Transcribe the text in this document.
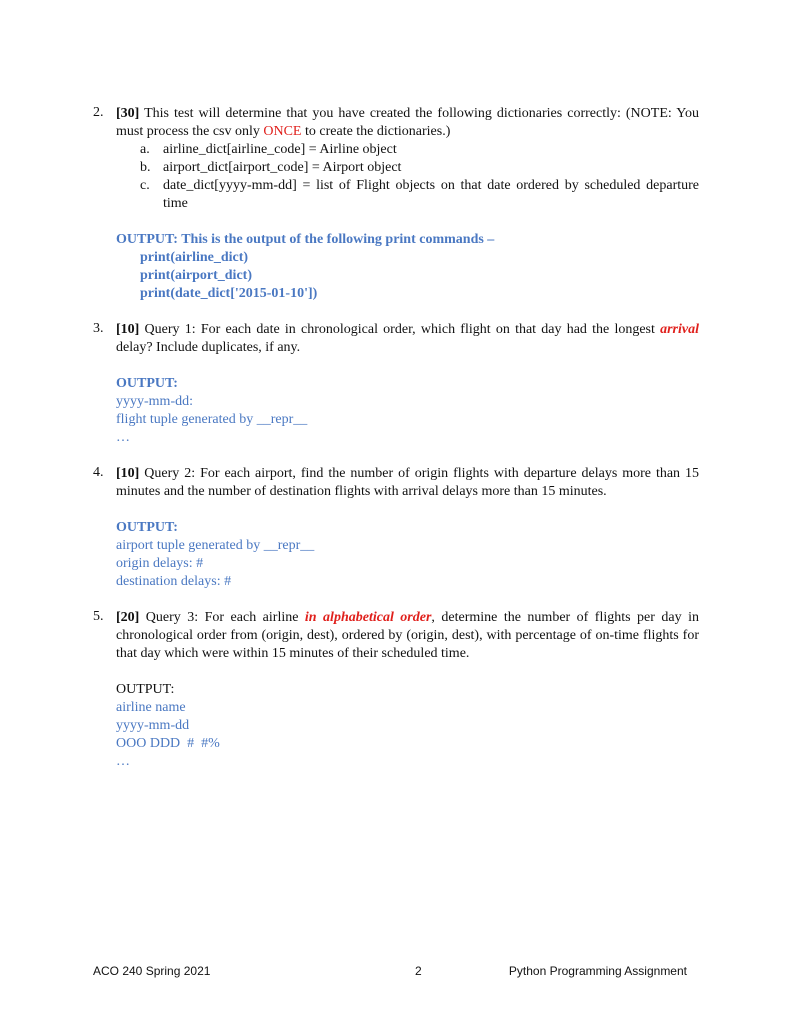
2. [30] This test will determine that you have created the following dictionaries correctly: (NOTE: You must process the csv only ONCE to create the dictionaries.)

a. airline_dict[airline_code] = Airline object
b. airport_dict[airport_code] = Airport object
c. date_dict[yyyy-mm-dd] = list of Flight objects on that date ordered by scheduled departure time

OUTPUT: This is the output of the following print commands –

print(airline_dict)

print(airport_dict)

print(date_dict['2015-01-10'])

3. [10] Query 1: For each date in chronological order, which flight on that day had the longest arrival delay? Include duplicates, if any.

OUTPUT:

yyyy-mm-dd:

flight tuple generated by __repr__

…

4. [10] Query 2: For each airport, find the number of origin flights with departure delays more than 15 minutes and the number of destination flights with arrival delays more than 15 minutes.

OUTPUT:

airport tuple generated by __repr__

origin delays: #

destination delays: #

5. [20] Query 3: For each airline in alphabetical order, determine the number of flights per day in chronological order from (origin, dest), ordered by (origin, dest), with percentage of on-time flights for that day which were within 15 minutes of their scheduled time.

OUTPUT:

airline name

yyyy-mm-dd

OOO DDD  #  #%

…

ACO 240 Spring 2021	2	Python Programming Assignment
